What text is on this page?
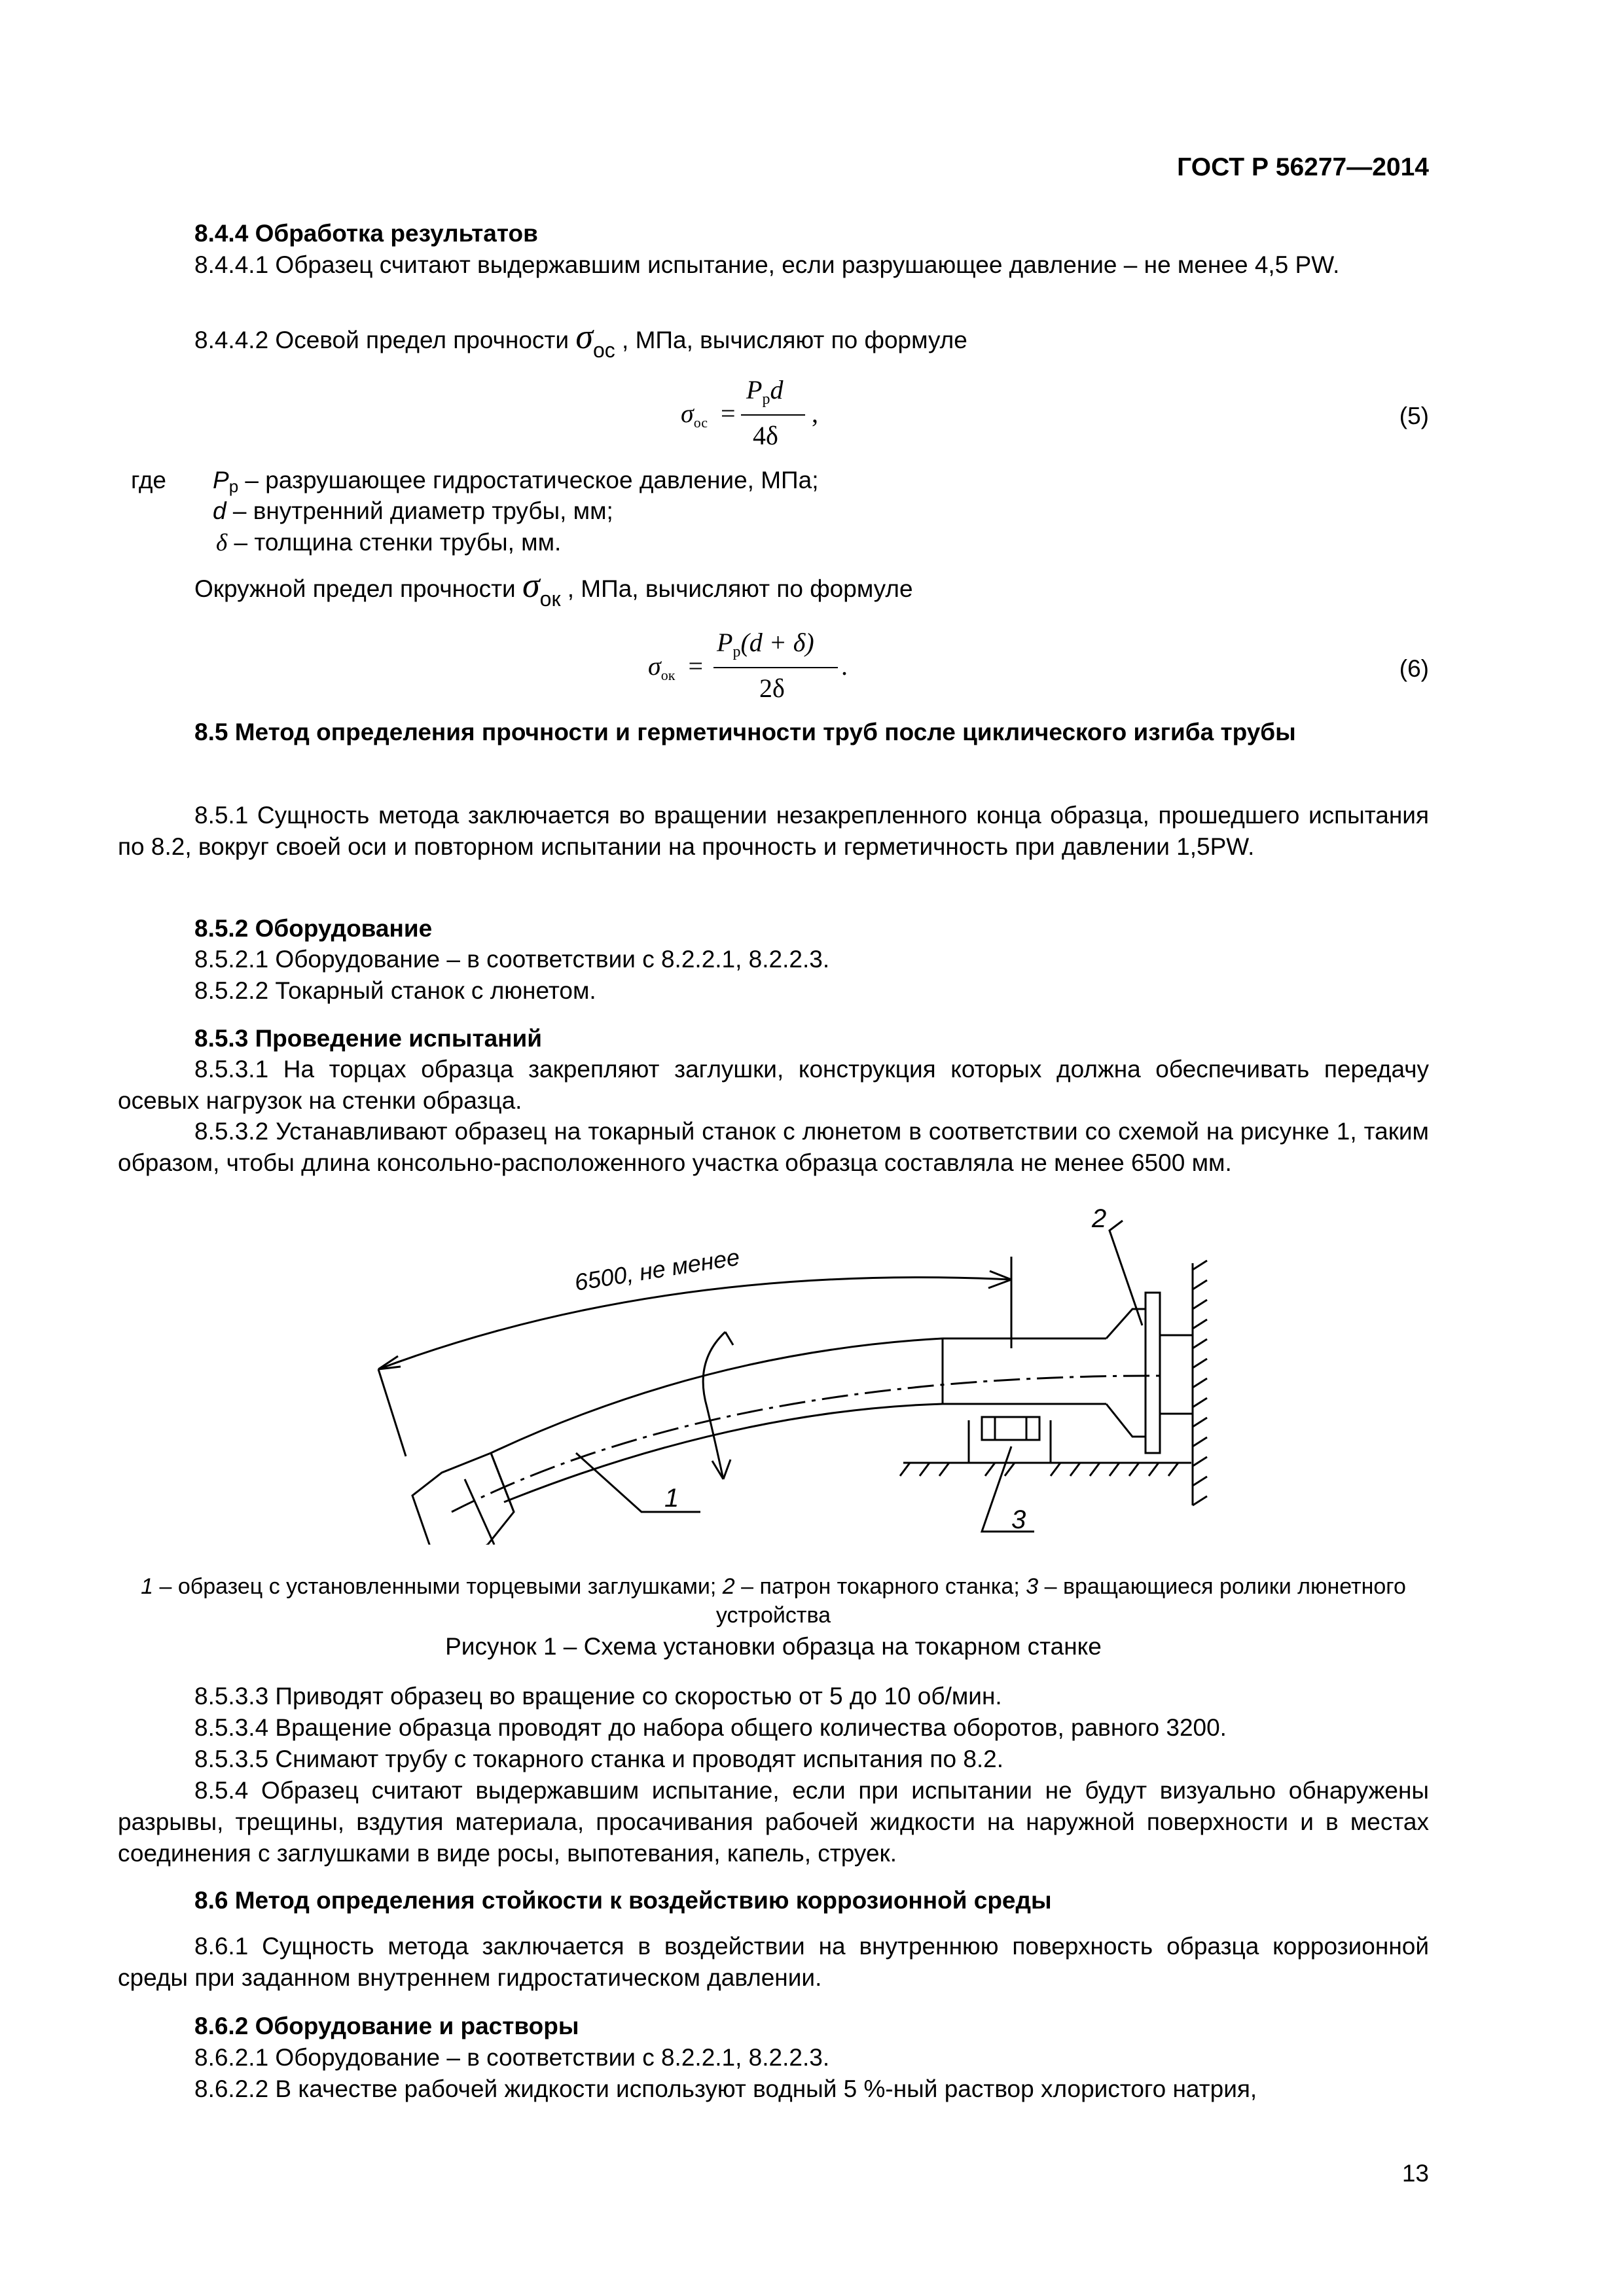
ГОСТ Р 56277—2014
8.4.4 Обработка результатов

8.4.4.1 Образец считают выдержавшим испытание, если разрушающее давление – не менее 4,5 PW.

8.4.4.2 Осевой предел прочности σос , МПа, вычисляют по формуле
$\sigma_{ос}$ =
$P_рd$
4δ
,	(5)
где Pр – разрушающее гидростатическое давление, МПа;
d – внутренний диаметр трубы, мм;
δ – толщина стенки трубы, мм.
Окружной предел прочности σок , МПа, вычисляют по формуле
$\sigma_{ок}$ =
$P_р(d + \delta)$
2δ
.	(6)

8.5 Метод определения прочности и герметичности труб после циклического изгиба трубы

8.5.1 Сущность метода заключается во вращении незакрепленного конца образца, прошедшего испытания по 8.2, вокруг своей оси и повторном испытании на прочность и герметичность при давлении 1,5PW.

8.5.2 Оборудование
8.5.2.1 Оборудование – в соответствии с 8.2.2.1, 8.2.2.3.
8.5.2.2 Токарный станок с люнетом.
8.5.3 Проведение испытаний

8.5.3.1 На торцах образца закрепляют заглушки, конструкция которых должна обеспечивать передачу осевых нагрузок на стенки образца.

8.5.3.2 Устанавливают образец на токарный станок с люнетом в соответствии со схемой на рисунке 1, таким образом, чтобы длина консольно-расположенного участка образца составляла не менее 6500 мм.

6500, не менее
1
2
3
1 – образец с установленными торцевыми заглушками; 2 – патрон токарного станка; 3 – вращающиеся ролики люнетного устройства
Рисунок 1 – Схема установки образца на токарном станке
8.5.3.3 Приводят образец во вращение со скоростью от 5 до 10 об/мин.
8.5.3.4 Вращение образца проводят до набора общего количества оборотов, равного 3200.
8.5.3.5 Снимают трубу с токарного станка и проводят испытания по 8.2.

8.5.4 Образец считают выдержавшим испытание, если при испытании не будут визуально обнаружены разрывы, трещины, вздутия материала, просачивания рабочей жидкости на наружной поверхности и в местах соединения с заглушками в виде росы, выпотевания, капель, струек.

8.6 Метод определения стойкости к воздействию коррозионной среды

8.6.1 Сущность метода заключается в воздействии на внутреннюю поверхность образца коррозионной среды при заданном внутреннем гидростатическом давлении.

8.6.2 Оборудование и растворы
8.6.2.1 Оборудование – в соответствии с 8.2.2.1, 8.2.2.3.

8.6.2.2 В качестве рабочей жидкости используют водный 5 %-ный раствор хлористого натрия,

13
